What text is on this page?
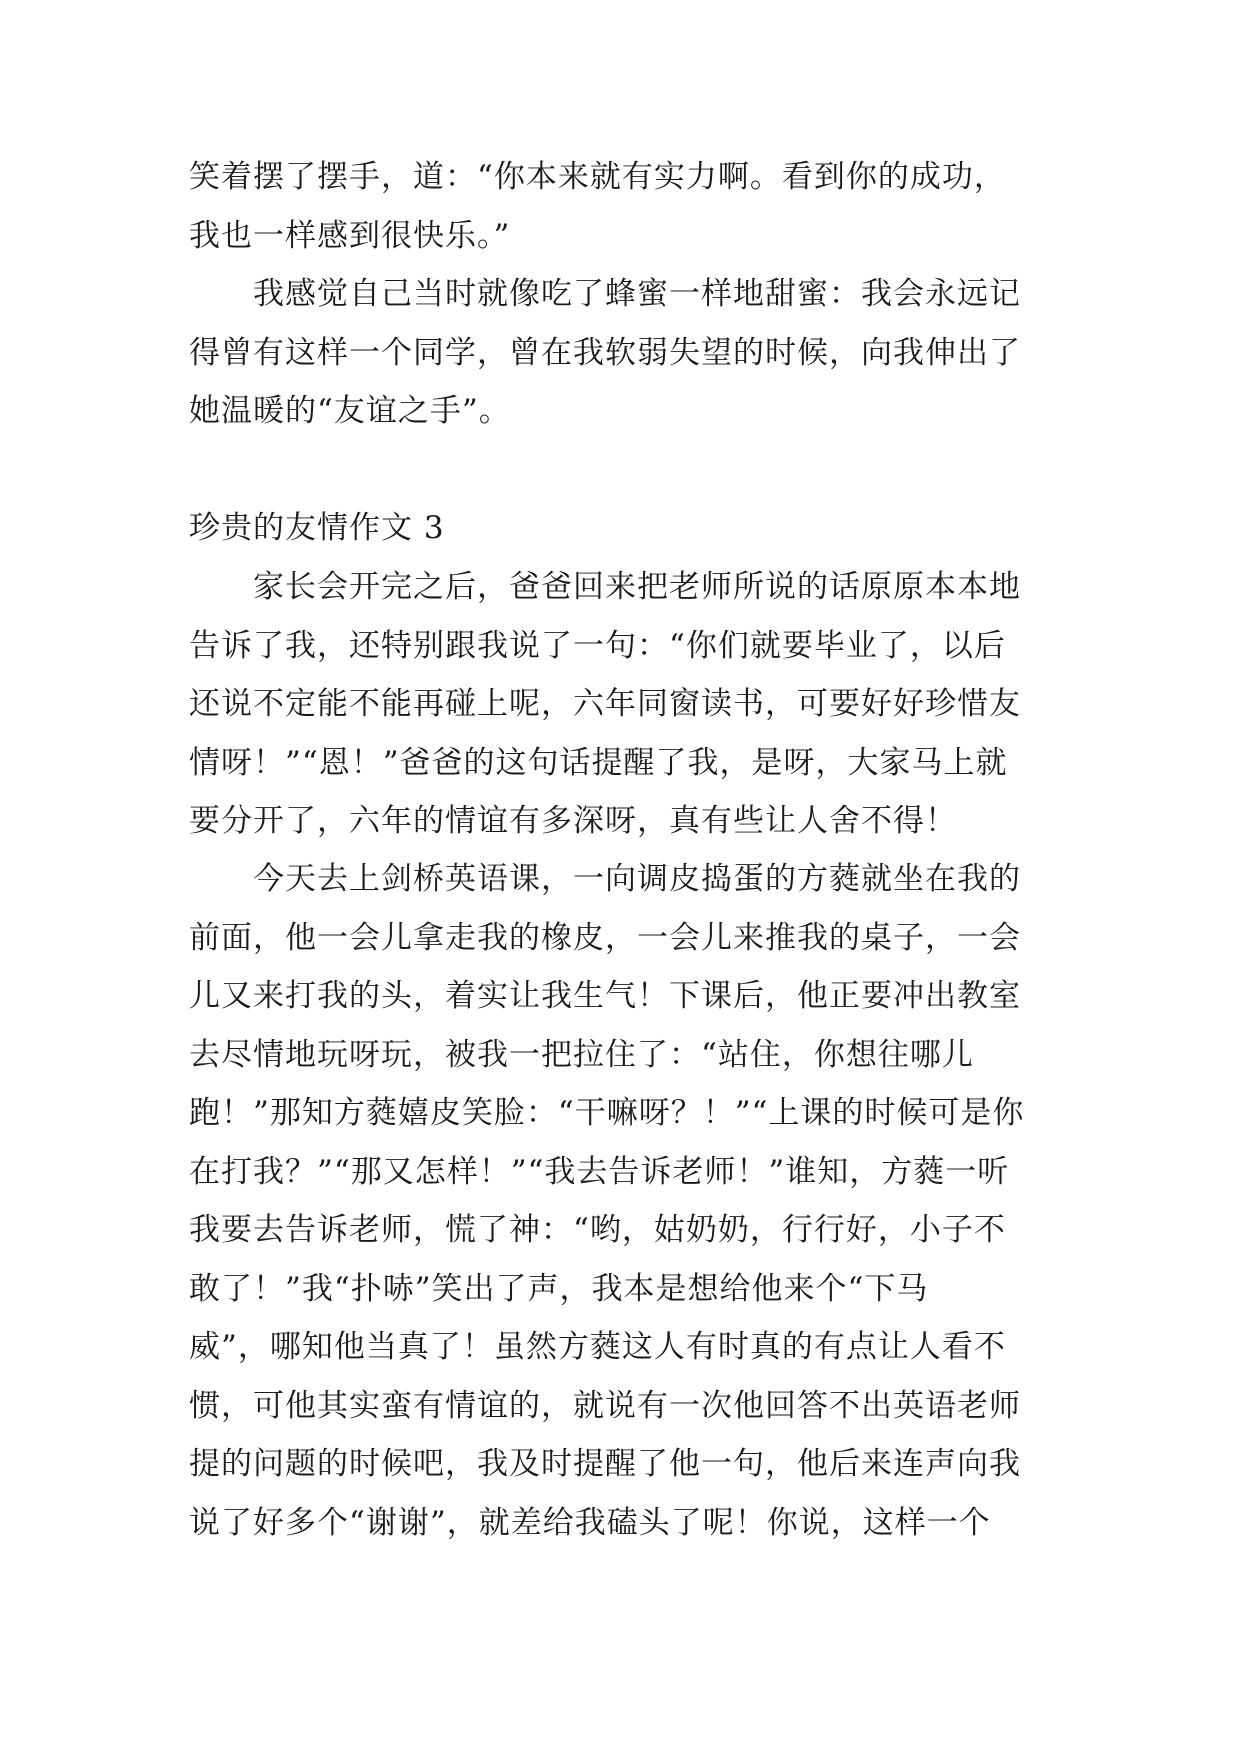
笑着摆了摆手，道：“你本来就有实力啊。看到你的成功，
我也一样感到很快乐。”
我感觉自己当时就像吃了蜂蜜一样地甜蜜：我会永远记
得曾有这样一个同学，曾在我软弱失望的时候，向我伸出了
她温暖的“友谊之手”。
珍贵的友情作文 3
家长会开完之后，爸爸回来把老师所说的话原原本本地
告诉了我，还特别跟我说了一句：“你们就要毕业了，以后
还说不定能不能再碰上呢，六年同窗读书，可要好好珍惜友
情呀！”“恩！”爸爸的这句话提醒了我，是呀，大家马上就
要分开了，六年的情谊有多深呀，真有些让人舍不得！
今天去上剑桥英语课，一向调皮捣蛋的方蕤就坐在我的
前面，他一会儿拿走我的橡皮，一会儿来推我的桌子，一会
儿又来打我的头，着实让我生气！下课后，他正要冲出教室
去尽情地玩呀玩，被我一把拉住了：“站住，你想往哪儿
跑！”那知方蕤嬉皮笑脸：“干嘛呀？！”“上课的时候可是你
在打我？”“那又怎样！”“我去告诉老师！”谁知，方蕤一听
我要去告诉老师，慌了神：“哟，姑奶奶，行行好，小子不
敢了！”我“扑哧”笑出了声，我本是想给他来个“下马
威”，哪知他当真了！虽然方蕤这人有时真的有点让人看不
惯，可他其实蛮有情谊的，就说有一次他回答不出英语老师
提的问题的时候吧，我及时提醒了他一句，他后来连声向我
说了好多个“谢谢”，就差给我磕头了呢！你说，这样一个
